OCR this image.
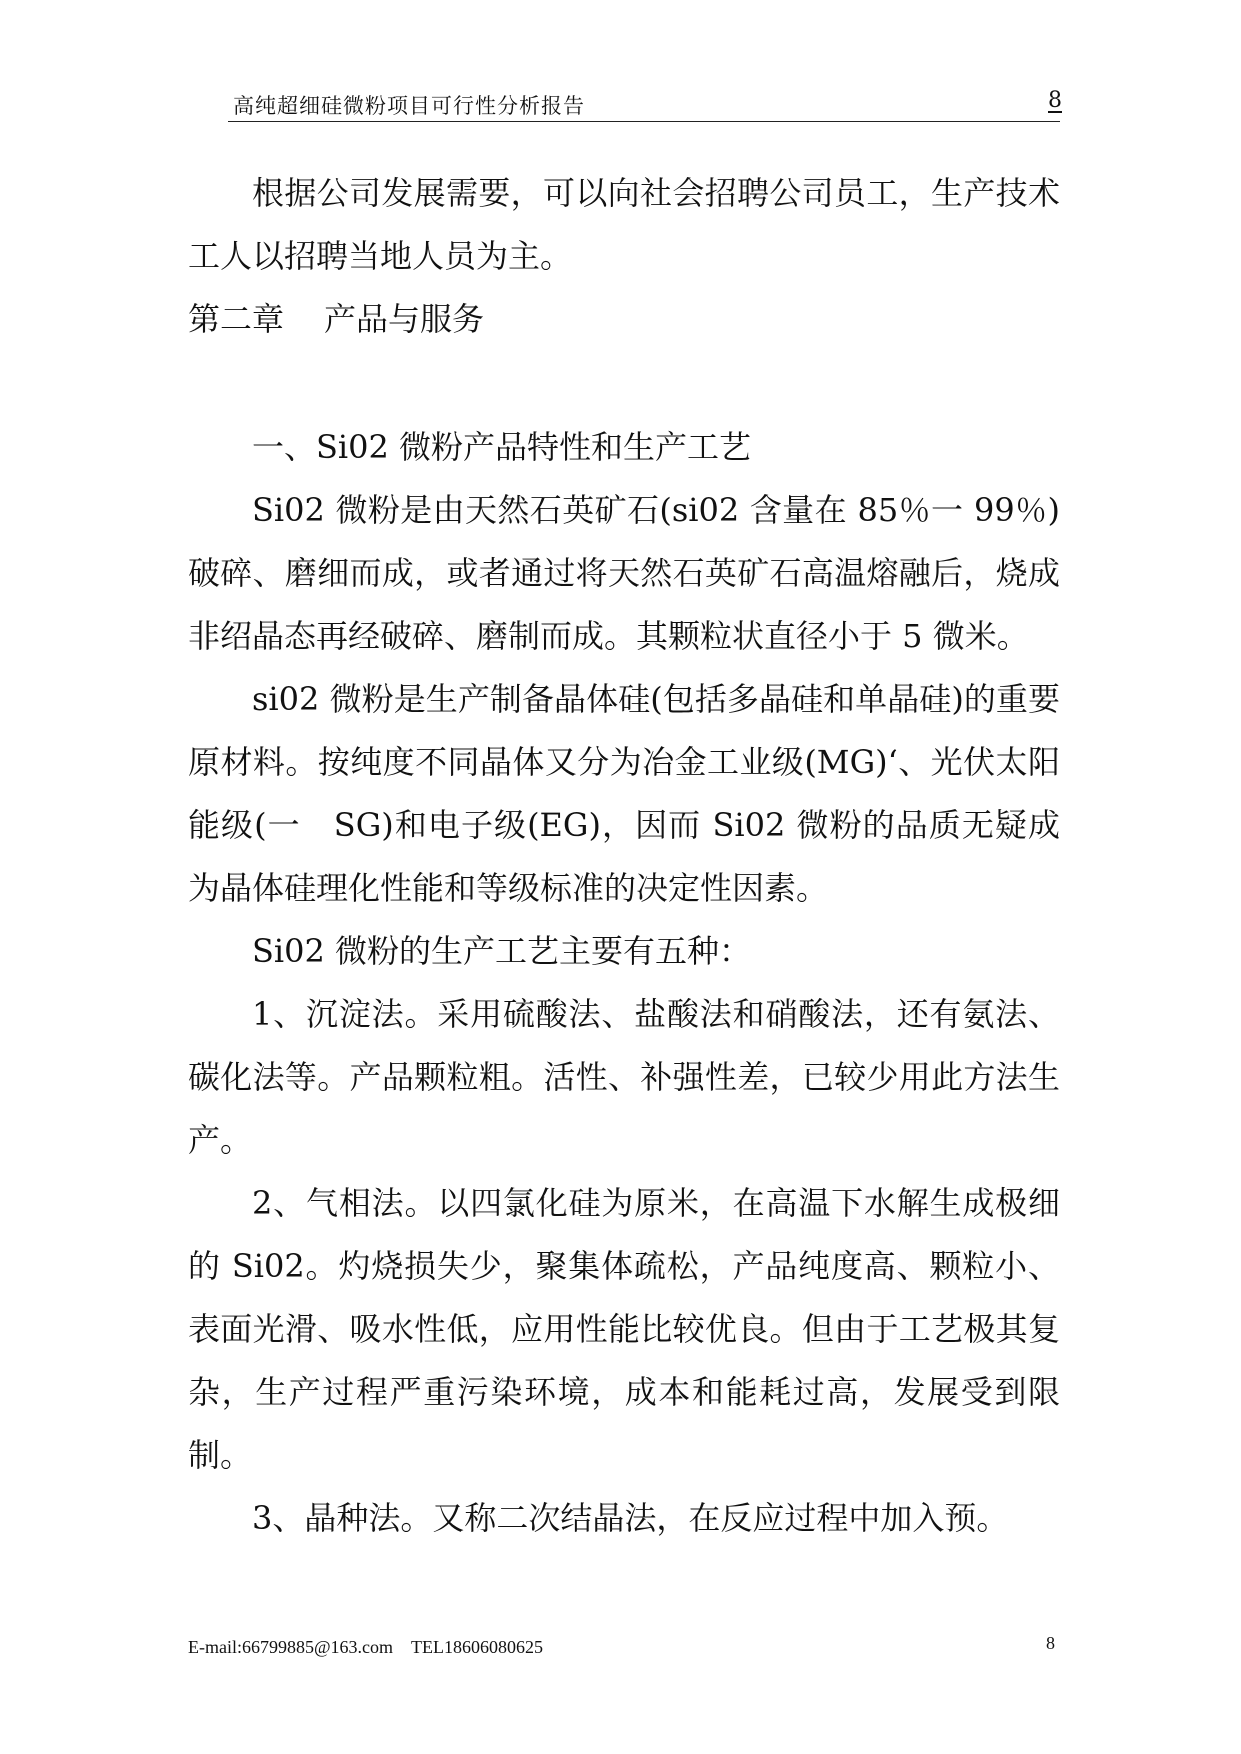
高纯超细硅微粉项目可行性分析报告	8

根据公司发展需要，可以向社会招聘公司员工，生产技术工人以招聘当地人员为主。

第二章 产品与服务

一、Si02 微粉产品特性和生产工艺

Si02 微粉是由天然石英矿石(si02 含量在 85％一 99％)破碎、磨细而成，或者通过将天然石英矿石高温熔融后，烧成非绍晶态再经破碎、磨制而成。其颗粒状直径小于 5 微米。

si02 微粉是生产制备晶体硅(包括多晶硅和单晶硅)的重要原材料。按纯度不同晶体又分为冶金工业级(MG)‘、光伏太阳能级(一　SG)和电子级(EG)，因而 Si02 微粉的品质无疑成为晶体硅理化性能和等级标准的决定性因素。

Si02 微粉的生产工艺主要有五种：

1、沉淀法。采用硫酸法、盐酸法和硝酸法，还有氨法、碳化法等。产品颗粒粗。活性、补强性差，已较少用此方法生产。

2、气相法。以四氯化硅为原米，在高温下水解生成极细的 Si02。灼烧损失少，聚集体疏松，产品纯度高、颗粒小、表面光滑、吸水性低，应用性能比较优良。但由于工艺极其复杂，生产过程严重污染环境，成本和能耗过高，发展受到限制。

3、晶种法。又称二次结晶法，在反应过程中加入预。

E-mail:66799885@163.com　TEL18606080625	8
